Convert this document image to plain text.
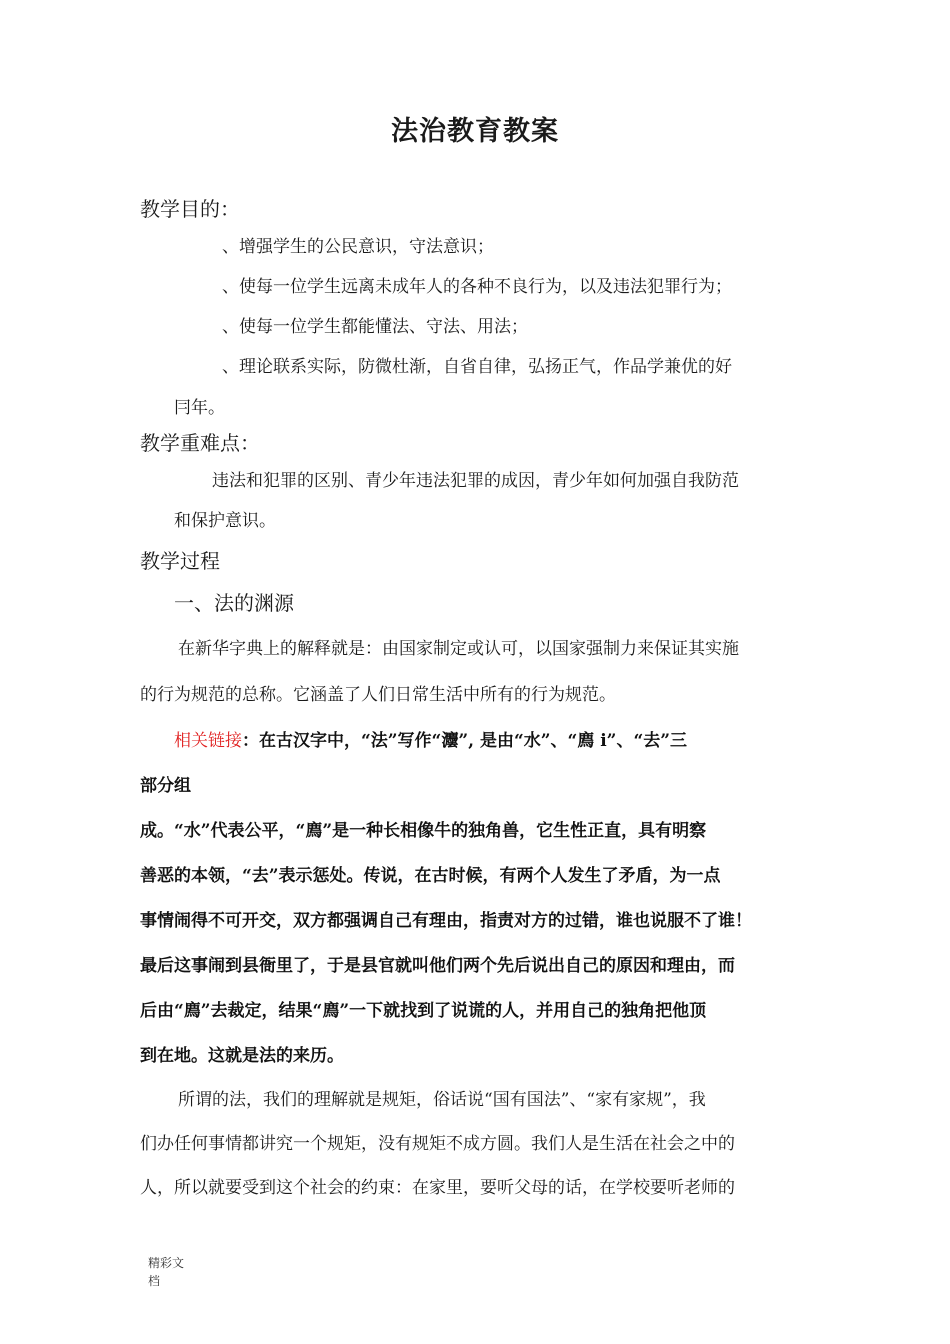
法治教育教案
教学目的：
、增强学生的公民意识，守法意识；
、使每一位学生远离未成年人的各种不良行为，以及违法犯罪行为；
、使每一位学生都能懂法、守法、用法；
、理论联系实际，防微杜渐，自省自律，弘扬正气，作品学兼优的好
冃年。
教学重难点：
违法和犯罪的区别、青少年违法犯罪的成因，青少年如何加强自我防范
和保护意识。
教学过程
一、法的渊源
在新华字典上的解释就是：由国家制定或认可，以国家强制力来保证其实施
的行为规范的总称。它涵盖了人们日常生活中所有的行为规范。
相关链接：在古汉字中，“法”写作“灋”, 是由“水”、“廌 i”、“去”三
部分组
成。“水”代表公平，“廌”是一种长相像牛的独角兽，它生性正直，具有明察
善恶的本领，“去”表示惩处。传说，在古时候，有两个人发生了矛盾，为一点
事情闹得不可开交，双方都强调自己有理由，指责对方的过错，谁也说服不了谁！
最后这事闹到县衙里了，于是县官就叫他们两个先后说出自己的原因和理由，而
后由“廌”去裁定，结果“廌”一下就找到了说谎的人，并用自己的独角把他顶
到在地。这就是法的来历。
所谓的法，我们的理解就是规矩，俗话说“国有国法”、“家有家规”，我
们办任何事情都讲究一个规矩，没有规矩不成方圆。我们人是生活在社会之中的
人，所以就要受到这个社会的约束：在家里，要听父母的话，在学校要听老师的
精彩文
档
